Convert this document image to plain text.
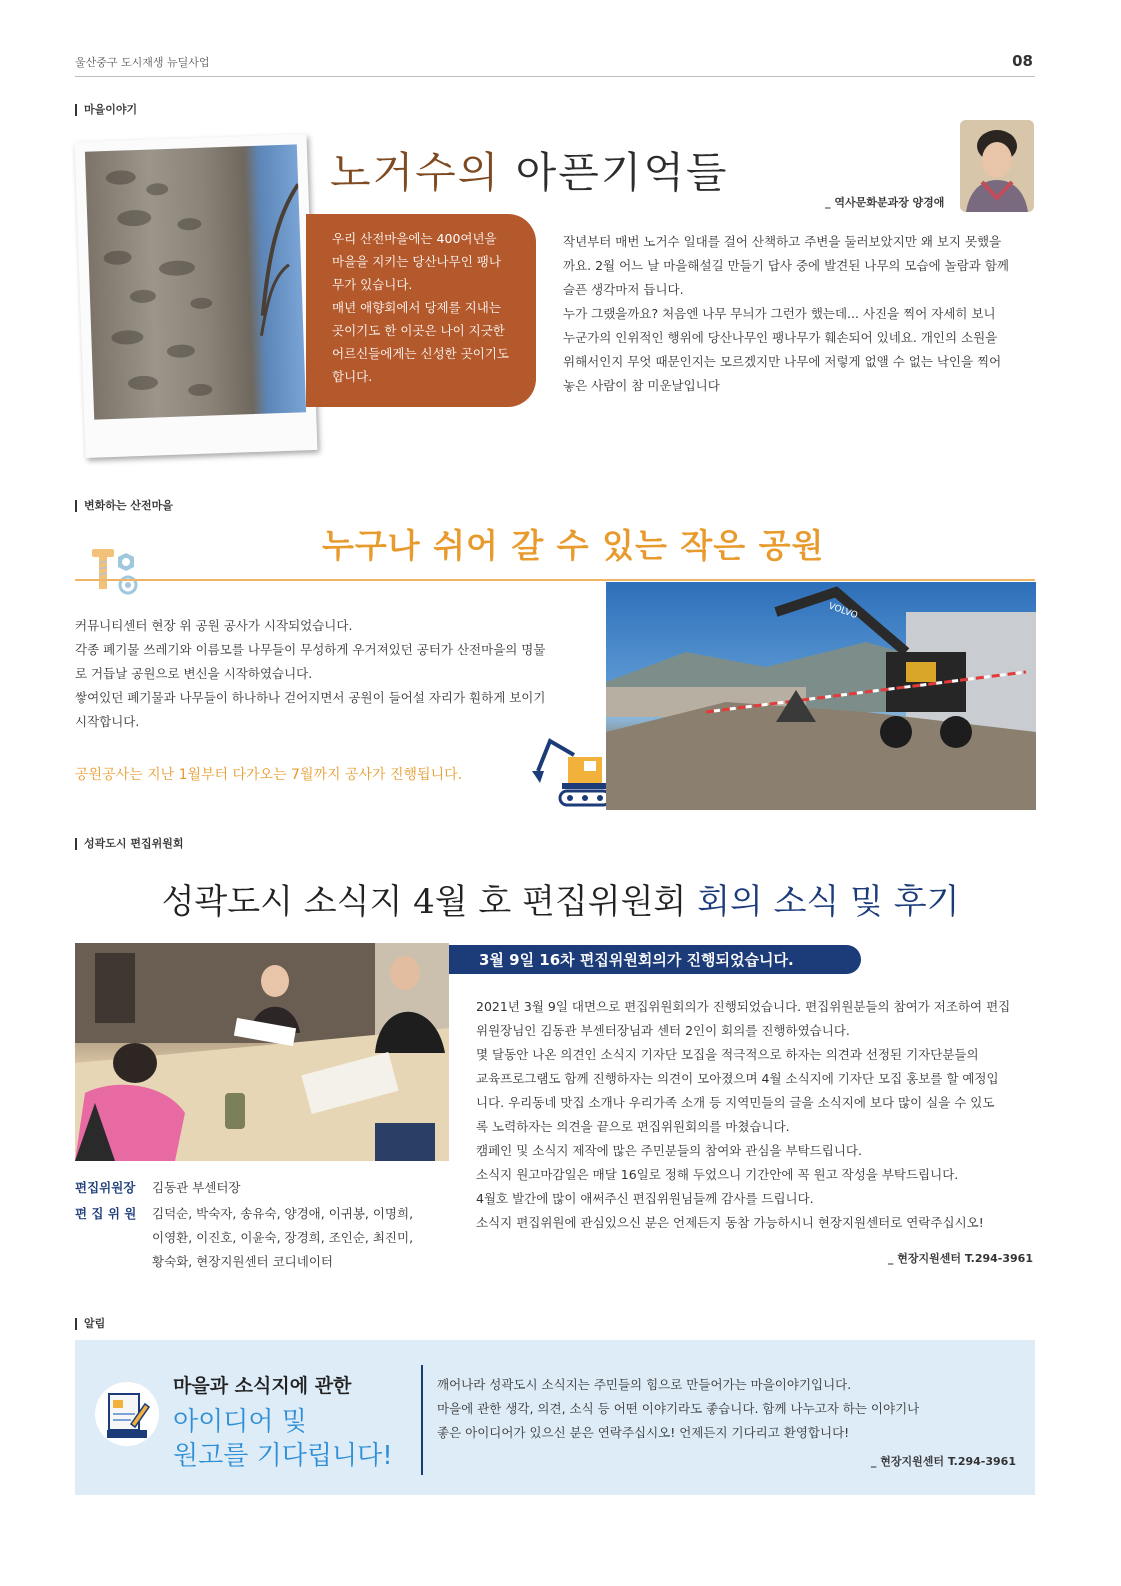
울산중구 도시재생 뉴딜사업	08
마을이야기
노거수의 아픈기억들
_ 역사문화분과장 양경애
우리 산전마을에는 400여년을
마을을 지키는 당산나무인 팽나
무가 있습니다.
매년 애향회에서 당제를 지내는
곳이기도 한 이곳은 나이 지긋한
어르신들에게는 신성한 곳이기도
합니다.

작년부터 매번 노거수 일대를 걸어 산책하고 주변을 둘러보았지만 왜 보지 못했을

까요. 2월 어느 날 마을해설길 만들기 답사 중에 발견된 나무의 모습에 놀람과 함께

슬픈 생각마저 듭니다.

누가 그랬을까요? 처음엔 나무 무늬가 그런가 했는데... 사진을 찍어 자세히 보니

누군가의 인위적인 행위에 당산나무인 팽나무가 훼손되어 있네요. 개인의 소원을

위해서인지 무엇 때문인지는 모르겠지만 나무에 저렇게 없앨 수 없는 낙인을 찍어

놓은 사람이 참 미운날입니다

변화하는 산전마을
누구나 쉬어 갈 수 있는 작은 공원
커뮤니티센터 현장 위 공원 공사가 시작되었습니다.
각종 폐기물 쓰레기와 이름모를 나무들이 무성하게 우거져있던 공터가 산전마을의 명물
로 거듭날 공원으로 변신을 시작하였습니다.
쌓여있던 폐기물과 나무들이 하나하나 걷어지면서 공원이 들어설 자리가 훤하게 보이기
시작합니다.
공원공사는 지난 1월부터 다가오는 7월까지 공사가 진행됩니다.
VOLVO
성곽도시 편집위원회
성곽도시 소식지 4월 호 편집위원회 회의 소식 및 후기
3월 9일 16차 편집위원회의가 진행되었습니다.
2021년 3월 9일 대면으로 편집위원회의가 진행되었습니다. 편집위원분들의 참여가 저조하여 편집
위원장님인 김동관 부센터장님과 센터 2인이 회의를 진행하였습니다.
몇 달동안 나온 의견인 소식지 기자단 모집을 적극적으로 하자는 의견과 선정된 기자단분들의
교육프로그램도 함께 진행하자는 의견이 모아졌으며 4월 소식지에 기자단 모집 홍보를 할 예정입
니다. 우리동네 맛집 소개나 우리가족 소개 등 지역민들의 글을 소식지에 보다 많이 실을 수 있도
록 노력하자는 의견을 끝으로 편집위원회의를 마쳤습니다.
캠페인 및 소식지 제작에 많은 주민분들의 참여와 관심을 부탁드립니다.
소식지 원고마감일은 매달 16일로 정해 두었으니 기간안에 꼭 원고 작성을 부탁드립니다.
4월호 발간에 많이 애써주신 편집위원님들께 감사를 드립니다.
소식지 편집위원에 관심있으신 분은 언제든지 동참 가능하시니 현장지원센터로 연락주십시오!
_ 현장지원센터 T.294-3961
편집위원장	김동관 부센터장
편 집 위 원	김덕순, 박숙자, 송유숙, 양경애, 이귀봉, 이명희,
이영환, 이진호, 이윤숙, 장경희, 조인순, 최진미,
황숙화, 현장지원센터 코디네이터
알림
마을과 소식지에 관한
아이디어 및
원고를 기다립니다!
깨어나라 성곽도시 소식지는 주민들의 힘으로 만들어가는 마을이야기입니다.
마을에 관한 생각, 의견, 소식 등 어떤 이야기라도 좋습니다. 함께 나누고자 하는 이야기나
좋은 아이디어가 있으신 분은 연락주십시오! 언제든지 기다리고 환영합니다!
_ 현장지원센터 T.294-3961
